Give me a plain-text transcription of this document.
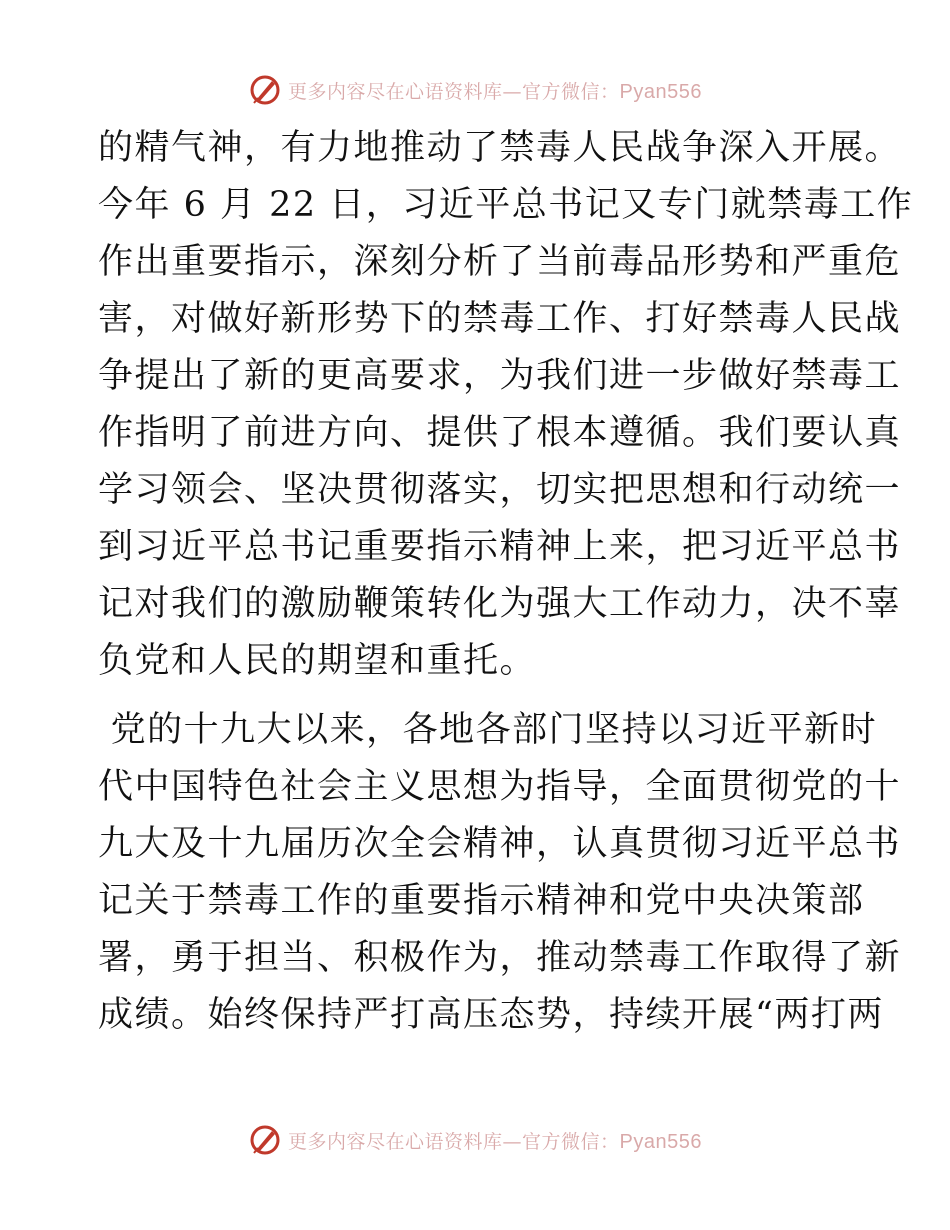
更多内容尽在心语资料库—官方微信：Pyan556
的精气神，有力地推动了禁毒人民战争深入开展。
今年 6 月 22 日，习近平总书记又专门就禁毒工作
作出重要指示，深刻分析了当前毒品形势和严重危
害，对做好新形势下的禁毒工作、打好禁毒人民战
争提出了新的更高要求，为我们进一步做好禁毒工
作指明了前进方向、提供了根本遵循。我们要认真
学习领会、坚决贯彻落实，切实把思想和行动统一
到习近平总书记重要指示精神上来，把习近平总书
记对我们的激励鞭策转化为强大工作动力，决不辜
负党和人民的期望和重托。
党的十九大以来，各地各部门坚持以习近平新时
代中国特色社会主义思想为指导，全面贯彻党的十
九大及十九届历次全会精神，认真贯彻习近平总书
记关于禁毒工作的重要指示精神和党中央决策部
署，勇于担当、积极作为，推动禁毒工作取得了新
成绩。始终保持严打高压态势，持续开展“两打两
更多内容尽在心语资料库—官方微信：Pyan556
